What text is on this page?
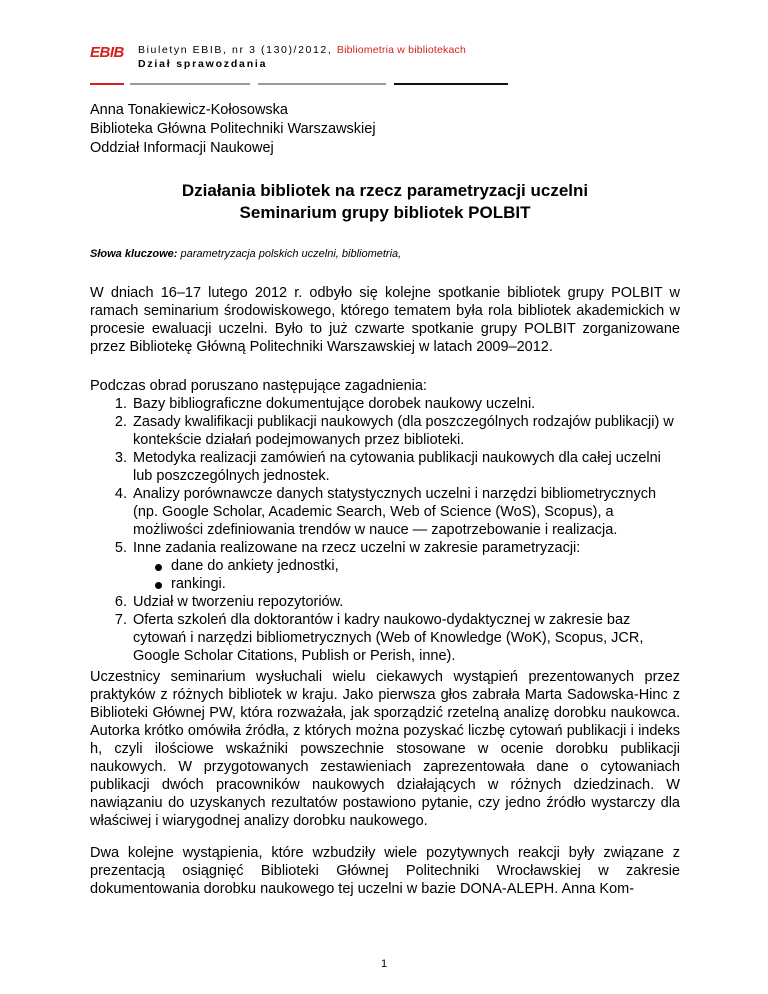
EBIB Biuletyn EBIB, nr 3 (130)/2012, Bibliometria w bibliotekach
Dział sprawozdania
Anna Tonakiewicz-Kołosowska
Biblioteka Główna Politechniki Warszawskiej
Oddział Informacji Naukowej
Działania bibliotek na rzecz parametryzacji uczelni
Seminarium grupy bibliotek POLBIT
Słowa kluczowe: parametryzacja polskich uczelni, bibliometria,
W dniach 16–17 lutego 2012 r. odbyło się kolejne spotkanie bibliotek grupy POLBIT w ramach seminarium środowiskowego, którego tematem była rola bibliotek akademickich w procesie ewaluacji uczelni. Było to już czwarte spotkanie grupy POLBIT zorganizowane przez Bibliotekę Główną Politechniki Warszawskiej w latach 2009–2012.
Podczas obrad poruszano następujące zagadnienia:
1. Bazy bibliograficzne dokumentujące dorobek naukowy uczelni.
2. Zasady kwalifikacji publikacji naukowych (dla poszczególnych rodzajów publikacji) w kontekście działań podejmowanych przez biblioteki.
3. Metodyka realizacji zamówień na cytowania publikacji naukowych dla całej uczelni lub poszczególnych jednostek.
4. Analizy porównawcze danych statystycznych uczelni i narzędzi bibliometrycznych (np. Google Scholar, Academic Search, Web of Science (WoS), Scopus), a możliwości zdefiniowania trendów w nauce — zapotrzebowanie i realizacja.
5. Inne zadania realizowane na rzecz uczelni w zakresie parametryzacji:
dane do ankiety jednostki,
rankingi.
6. Udział w tworzeniu repozytoriów.
7. Oferta szkoleń dla doktorantów i kadry naukowo-dydaktycznej w zakresie baz cytowań i narzędzi bibliometrycznych (Web of Knowledge (WoK), Scopus, JCR, Google Scholar Citations, Publish or Perish, inne).
Uczestnicy seminarium wysłuchali wielu ciekawych wystąpień prezentowanych przez praktyków z różnych bibliotek w kraju. Jako pierwsza głos zabrała Marta Sadowska-Hinc z Biblioteki Głównej PW, która rozważała, jak sporządzić rzetelną analizę dorobku naukowca. Autorka krótko omówiła źródła, z których można pozyskać liczbę cytowań publikacji i indeks h, czyli ilościowe wskaźniki powszechnie stosowane w ocenie dorobku publikacji naukowych. W przygotowanych zestawieniach zaprezentowała dane o cytowaniach publikacji dwóch pracowników naukowych działających w różnych dziedzinach. W nawiązaniu do uzyskanych rezultatów postawiono pytanie, czy jedno źródło wystarczy dla właściwej i wiarygodnej analizy dorobku naukowego.
Dwa kolejne wystąpienia, które wzbudziły wiele pozytywnych reakcji były związane z prezentacją osiągnięć Biblioteki Głównej Politechniki Wrocławskiej w zakresie dokumentowania dorobku naukowego tej uczelni w bazie DONA-ALEPH. Anna Kom-
1
